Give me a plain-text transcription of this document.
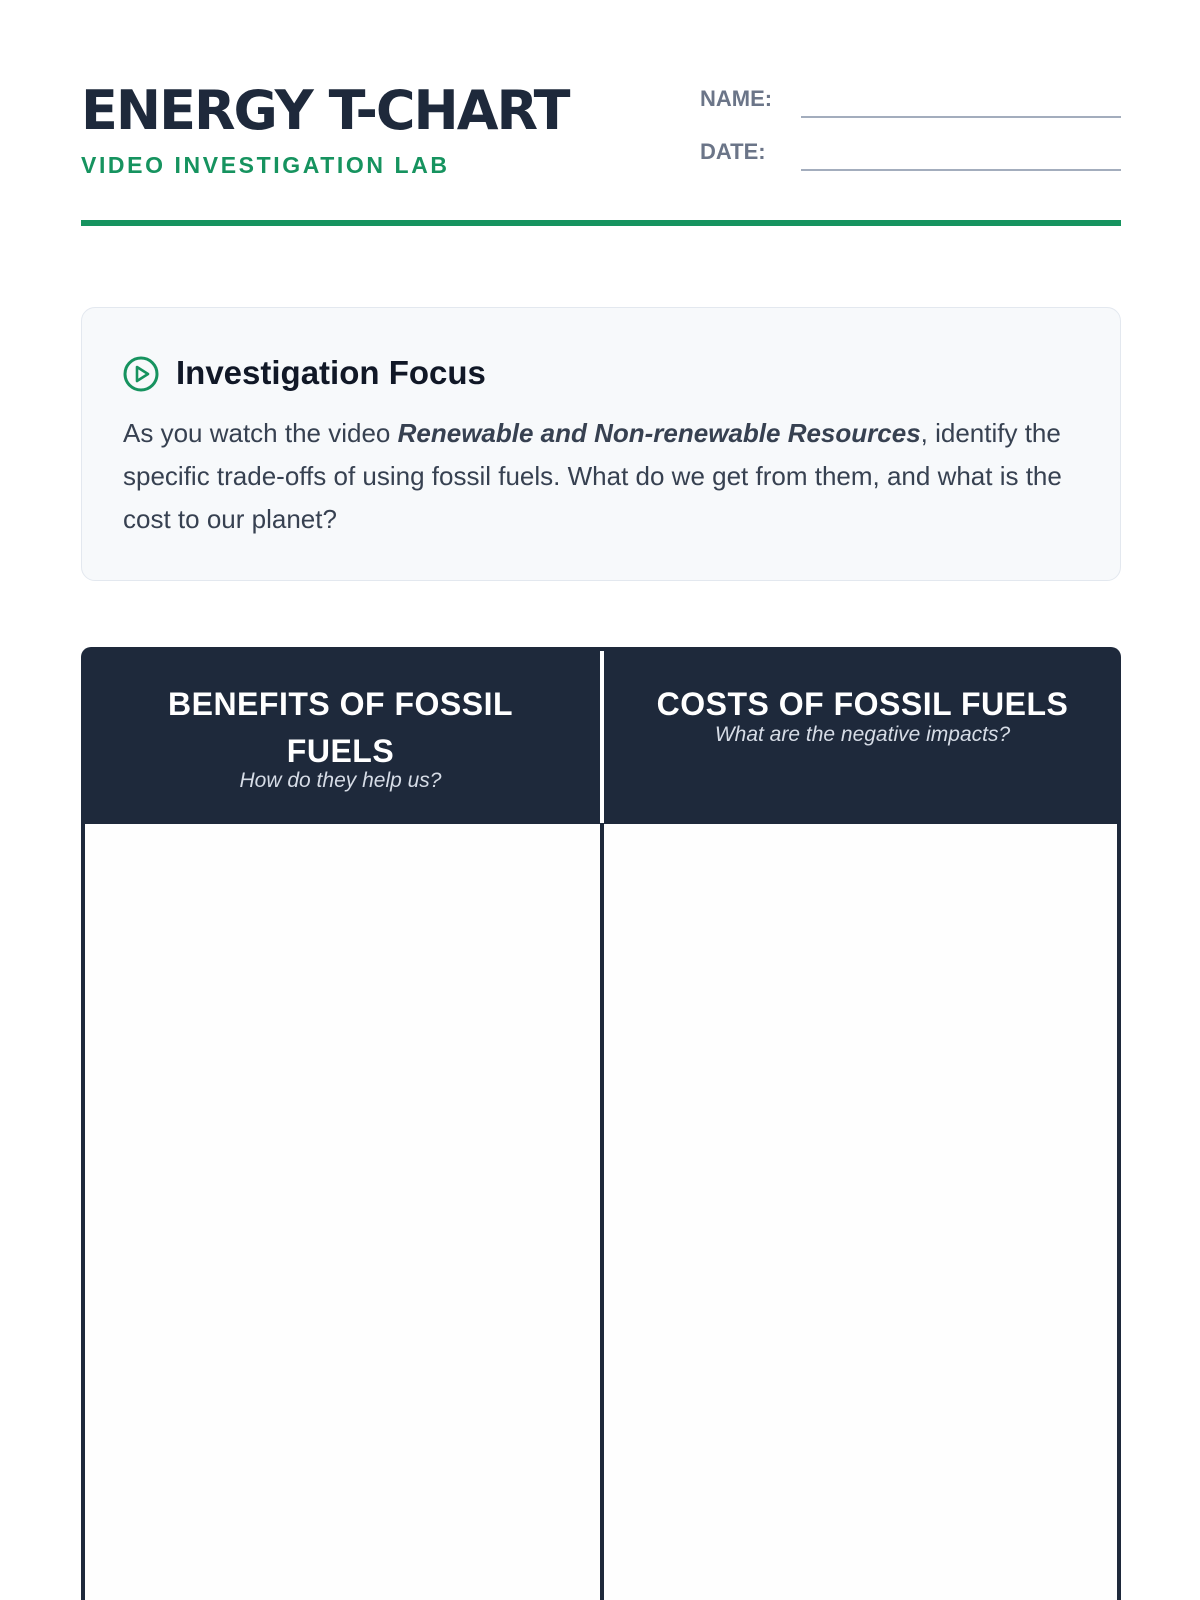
ENERGY T-CHART
VIDEO INVESTIGATION LAB
NAME:
DATE:
Investigation Focus
As you watch the video Renewable and Non-renewable Resources, identify the specific trade-offs of using fossil fuels. What do we get from them, and what is the cost to our planet?
BENEFITS OF FOSSIL FUELS
How do they help us?
COSTS OF FOSSIL FUELS
What are the negative impacts?
